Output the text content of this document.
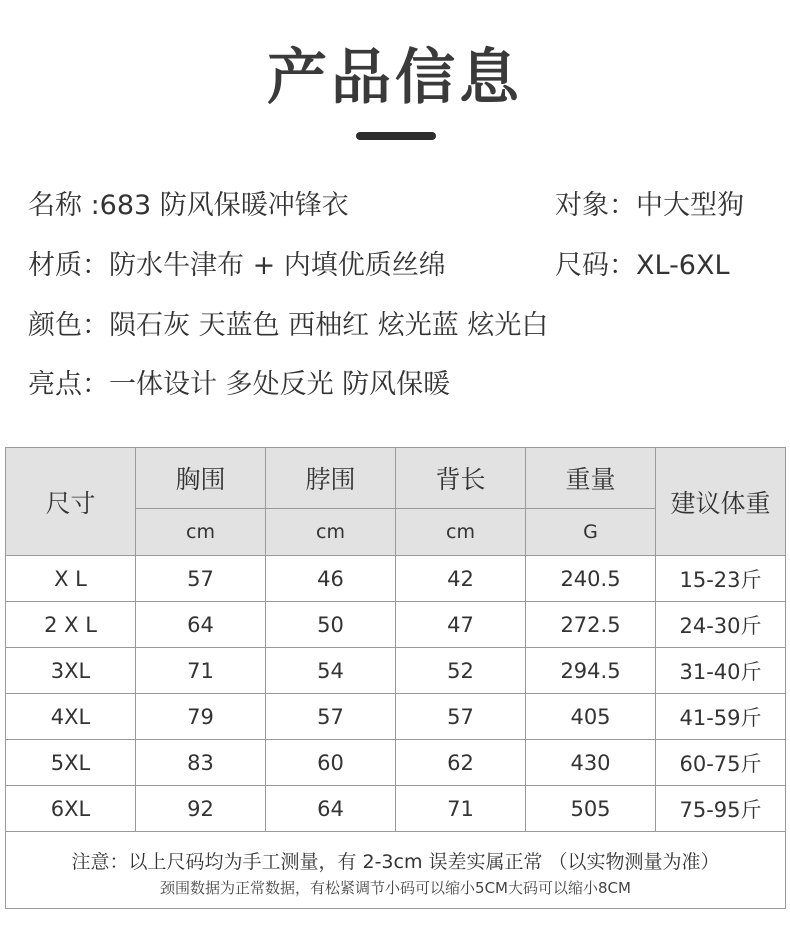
产品信息
名称 :683 防风保暖冲锋衣	对象：中大型狗
材质：防水牛津布 + 内填优质丝绵	尺码：XL-6XL
颜色：陨石灰 天蓝色 西柚红 炫光蓝 炫光白
亮点：一体设计 多处反光 防风保暖
尺寸	胸围	脖围	背长	重量	建议体重
	cm	cm	cm	G	
X L	57	46	42	240.5	15-23斤
2 X L	64	50	47	272.5	24-30斤
3XL	71	54	52	294.5	31-40斤
4XL	79	57	57	405	41-59斤
5XL	83	60	62	430	60-75斤
6XL	92	64	71	505	75-95斤

注意：以上尺码均为手工测量，有 2-3cm 误差实属正常 （以实物测量为准）
颈围数据为正常数据，有松紧调节小码可以缩小5CM大码可以缩小8CM					
